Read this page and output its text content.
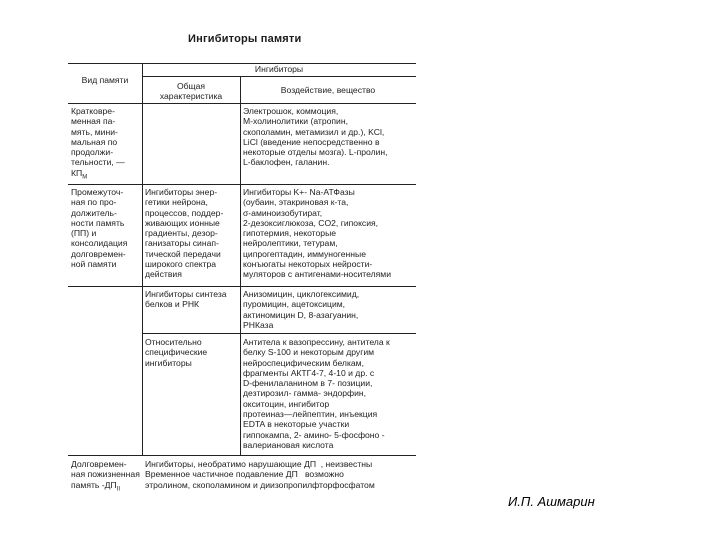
Ингибиторы памяти
Вид памяти
Ингибиторы
Общая
характеристика
Воздействие, вещество
Кратковре-
менная па-
мять, мини-
мальная по
продолжи-
тельности, —
$КП_М$
Электрошок, коммоция,
М-холинолитики (атропин,
скополамин, метамизил и др.), KCl,
LiCl (введение непосредственно в
некоторые отделы мозга). L-пролин,
L-баклофен, галанин.
Промежуточ-
ная по про-
должитель-
ности память
(ПП) и
консолидация
долговремен-
ной памяти
Ингибиторы энер-
гетики нейрона,
процессов, поддер-
живающих ионные
градиенты, дезор-
ганизаторы синап-
тической передачи
широкого спектра
действия
Ингибиторы K+- Na-АТФазы
(оубаин, этакриновая к-та,
σ-аминоизобутират,
2-дезоксиглюкоза, CO2, гипоксия,
гипотермия, некоторые
нейролептики, тетурам,
ципрогептадин, иммуногенные
конъюгаты некоторых нейрости-
муляторов с антигенами-носителями
Ингибиторы синтеза
белков и РНК
Анизомицин, циклогексимид,
пуромицин, ацетоксицим,
актиномицин D, 8-азагуанин,
РНКаза
Относительно
специфические
ингибиторы
Антитела к вазопрессину, антитела к
белку S-100 и некоторым другим
нейроспецифическим белкам,
фрагменты АКТГ4-7, 4-10 и др. с
D-фенилаланином в 7- позиции,
дезтирозил- гамма- эндорфин,
окситоцин, ингибитор
протеиназ—лейпептин, инъекция
EDTA в некоторые участки
гиппокампа, 2- амино- 5-фосфоно -
валериановая кислота
Долговремен-
ная пожизненная
память $-ДП_{II}$
Ингибиторы, необратимо нарушающие ДП  , неизвестны
Временное частичное подавление ДП   возможно
этролином, скополамином и диизопропилфторфосфатом
И.П. Ашмарин
